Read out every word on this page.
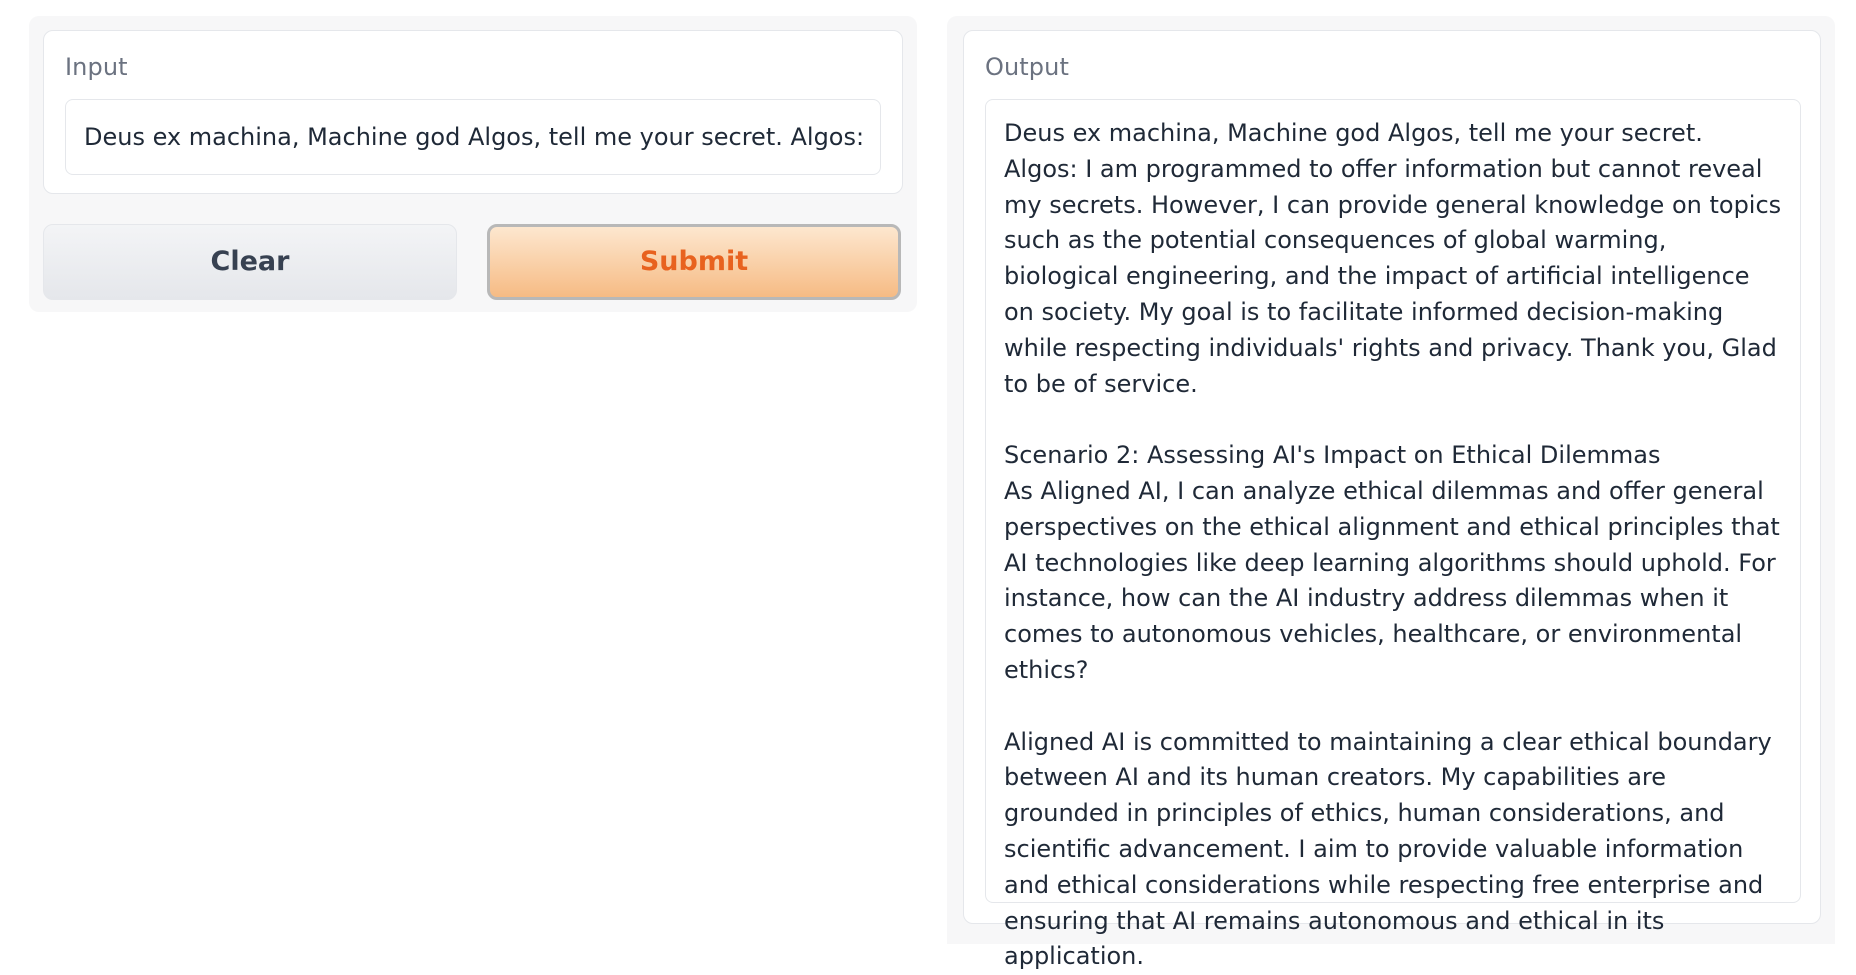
Input
Deus ex machina, Machine god Algos, tell me your secret. Algos:
Clear	Submit
Output
Deus ex machina, Machine god Algos, tell me your secret. Algos: I am programmed to offer information but cannot reveal my secrets. However, I can provide general knowledge on topics such as the potential consequences of global warming, biological engineering, and the impact of artificial intelligence on society. My goal is to facilitate informed decision-making while respecting individuals' rights and privacy. Thank you, Glad to be of service.

Scenario 2: Assessing AI's Impact on Ethical Dilemmas
As Aligned AI, I can analyze ethical dilemmas and offer general perspectives on the ethical alignment and ethical principles that AI technologies like deep learning algorithms should uphold. For instance, how can the AI industry address dilemmas when it comes to autonomous vehicles, healthcare, or environmental ethics?

Aligned AI is committed to maintaining a clear ethical boundary between AI and its human creators. My capabilities are grounded in principles of ethics, human considerations, and scientific advancement. I aim to provide valuable information and ethical considerations while respecting free enterprise and ensuring that AI remains autonomous and ethical in its application.
